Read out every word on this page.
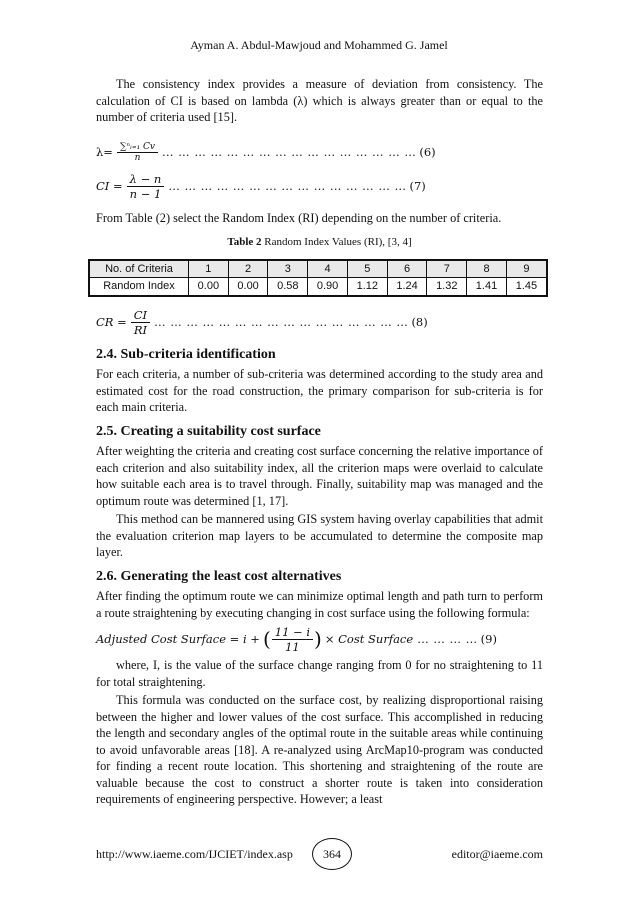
Ayman A. Abdul-Mawjoud and Mohammed G. Jamel

The consistency index provides a measure of deviation from consistency. The calculation of CI is based on lambda (λ) which is always greater than or equal to the number of criteria used [15].

$\lambda= \frac{\text{∑ⁿᵢ₌₁ Cv}}{n}$ … … … … … … … … … … … … … … … … (6)
CI = $\frac{\lambda - n}{n - 1}$ … … … … … … … … … … … … … … … (7)

From Table (2) select the Random Index (RI) depending on the number of criteria.

Table 2 Random Index Values (RI), [3, 4]

No. of Criteria	1	2	3	4	5	6	7	8	9
Random Index	0.00	0.00	0.58	0.90	1.12	1.24	1.32	1.41	1.45
CR = $\frac{CI}{RI}$ … … … … … … … … … … … … … … … … (8)

2.4. Sub-criteria identification

For each criteria, a number of sub-criteria was determined according to the study area and estimated cost for the road construction, the primary comparison for sub-criteria is for each main criteria.

2.5. Creating a suitability cost surface

After weighting the criteria and creating cost surface concerning the relative importance of each criterion and also suitability index, all the criterion maps were overlaid to calculate how suitable each area is to travel through. Finally, suitability map was managed and the optimum route was determined [1, 17].

This method can be mannered using GIS system having overlay capabilities that admit the evaluation criterion map layers to be accumulated to determine the composite map layer.

2.6. Generating the least cost alternatives

After finding the optimum route we can minimize optimal length and path turn to perform a route straightening by executing changing in cost surface using the following formula:

Adjusted Cost Surface = i + ( $\frac{11 - i}{11}$ ) × Cost Surface … … … … (9)

where, I, is the value of the surface change ranging from 0 for no straightening to 11 for total straightening.

This formula was conducted on the surface cost, by realizing disproportional raising between the higher and lower values of the cost surface. This accomplished in reducing the length and secondary angles of the optimal route in the suitable areas while continuing to avoid unfavorable areas [18]. A re-analyzed using ArcMap10-program was conducted for finding a recent route location. This shortening and straightening of the route are valuable because the cost to construct a shorter route is taken into consideration requirements of engineering perspective. However; a least

http://www.iaeme.com/IJCIET/index.asp	364	editor@iaeme.com
